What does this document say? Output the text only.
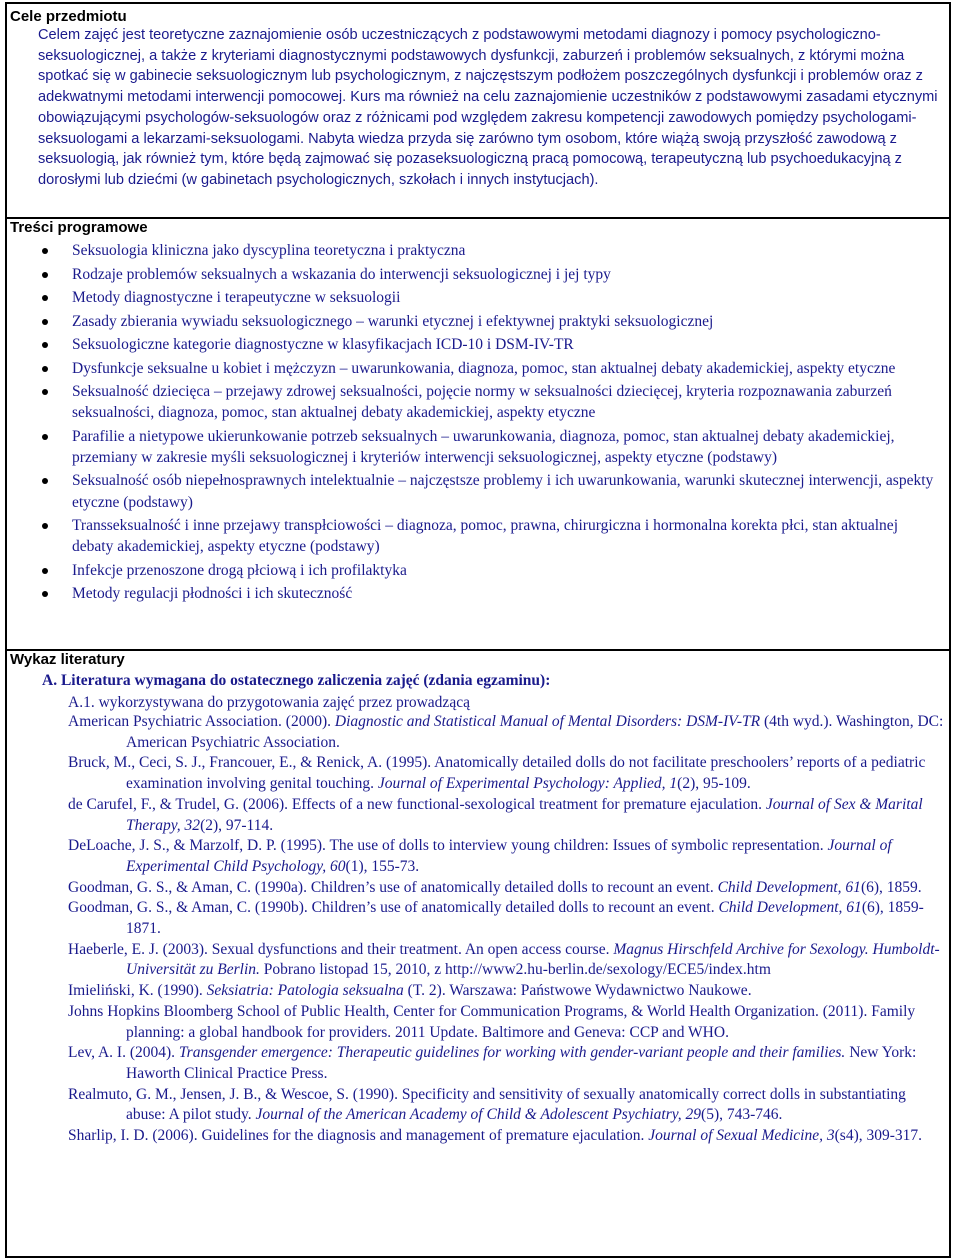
Cele przedmiotu
Celem zajęć jest teoretyczne zaznajomienie osób uczestniczących z podstawowymi metodami diagnozy i pomocy psychologiczno-seksuologicznej, a także z kryteriami diagnostycznymi podstawowych dysfunkcji, zaburzeń i problemów seksualnych, z którymi można spotkać się w gabinecie seksuologicznym lub psychologicznym, z najczęstszym podłożem poszczególnych dysfunkcji i problemów oraz z adekwatnymi metodami interwencji pomocowej. Kurs ma również na celu zaznajomienie uczestników z podstawowymi zasadami etycznymi obowiązującymi psychologów-seksuologów oraz z różnicami pod względem zakresu kompetencji zawodowych pomiędzy psychologami-seksuologami a lekarzami-seksuologami. Nabyta wiedza przyda się zarówno tym osobom, które wiążą swoją przyszłość zawodową z seksuologią, jak również tym, które będą zajmować się pozaseksuologiczną pracą pomocową, terapeutyczną lub psychoedukacyjną z dorosłymi lub dziećmi (w gabinetach psychologicznych, szkołach i innych instytucjach).
Treści programowe
Seksuologia kliniczna jako dyscyplina teoretyczna i praktyczna
Rodzaje problemów seksualnych a wskazania do interwencji seksuologicznej i jej typy
Metody diagnostyczne i terapeutyczne w seksuologii
Zasady zbierania wywiadu seksuologicznego – warunki etycznej i efektywnej praktyki seksuologicznej
Seksuologiczne kategorie diagnostyczne w klasyfikacjach ICD-10 i DSM-IV-TR
Dysfunkcje seksualne u kobiet i mężczyzn – uwarunkowania, diagnoza, pomoc, stan aktualnej debaty akademickiej, aspekty etyczne
Seksualność dziecięca – przejawy zdrowej seksualności, pojęcie normy w seksualności dziecięcej, kryteria rozpoznawania zaburzeń seksualności, diagnoza, pomoc, stan aktualnej debaty akademickiej, aspekty etyczne
Parafilie a nietypowe ukierunkowanie potrzeb seksualnych – uwarunkowania, diagnoza, pomoc, stan aktualnej debaty akademickiej, przemiany w zakresie myśli seksuologicznej i kryteriów interwencji seksuologicznej, aspekty etyczne (podstawy)
Seksualność osób niepełnosprawnych intelektualnie – najczęstsze problemy i ich uwarunkowania, warunki skutecznej interwencji, aspekty etyczne (podstawy)
Transseksualność i inne przejawy transpłciowości – diagnoza, pomoc, prawna, chirurgiczna i hormonalna korekta płci, stan aktualnej debaty akademickiej, aspekty etyczne (podstawy)
Infekcje przenoszone drogą płciową i ich profilaktyka
Metody regulacji płodności i ich skuteczność
Wykaz literatury
A. Literatura wymagana do ostatecznego zaliczenia zajęć (zdania egzaminu):
A.1. wykorzystywana do przygotowania zajęć przez prowadzącą
American Psychiatric Association. (2000). Diagnostic and Statistical Manual of Mental Disorders: DSM-IV-TR (4th wyd.). Washington, DC: American Psychiatric Association.
Bruck, M., Ceci, S. J., Francouer, E., & Renick, A. (1995). Anatomically detailed dolls do not facilitate preschoolers’ reports of a pediatric examination involving genital touching. Journal of Experimental Psychology: Applied, 1(2), 95-109.
de Carufel, F., & Trudel, G. (2006). Effects of a new functional-sexological treatment for premature ejaculation. Journal of Sex & Marital Therapy, 32(2), 97-114.
DeLoache, J. S., & Marzolf, D. P. (1995). The use of dolls to interview young children: Issues of symbolic representation. Journal of Experimental Child Psychology, 60(1), 155-73.
Goodman, G. S., & Aman, C. (1990a). Children’s use of anatomically detailed dolls to recount an event. Child Development, 61(6), 1859.
Goodman, G. S., & Aman, C. (1990b). Children’s use of anatomically detailed dolls to recount an event. Child Development, 61(6), 1859-1871.
Haeberle, E. J. (2003). Sexual dysfunctions and their treatment. An open access course. Magnus Hirschfeld Archive for Sexology. Humboldt-Universität zu Berlin. Pobrano listopad 15, 2010, z http://www2.hu-berlin.de/sexology/ECE5/index.htm
Imieliński, K. (1990). Seksiatria: Patologia seksualna (T. 2). Warszawa: Państwowe Wydawnictwo Naukowe.
Johns Hopkins Bloomberg School of Public Health, Center for Communication Programs, & World Health Organization. (2011). Family planning: a global handbook for providers. 2011 Update. Baltimore and Geneva: CCP and WHO.
Lev, A. I. (2004). Transgender emergence: Therapeutic guidelines for working with gender-variant people and their families. New York: Haworth Clinical Practice Press.
Realmuto, G. M., Jensen, J. B., & Wescoe, S. (1990). Specificity and sensitivity of sexually anatomically correct dolls in substantiating abuse: A pilot study. Journal of the American Academy of Child & Adolescent Psychiatry, 29(5), 743-746.
Sharlip, I. D. (2006). Guidelines for the diagnosis and management of premature ejaculation. Journal of Sexual Medicine, 3(s4), 309-317.
